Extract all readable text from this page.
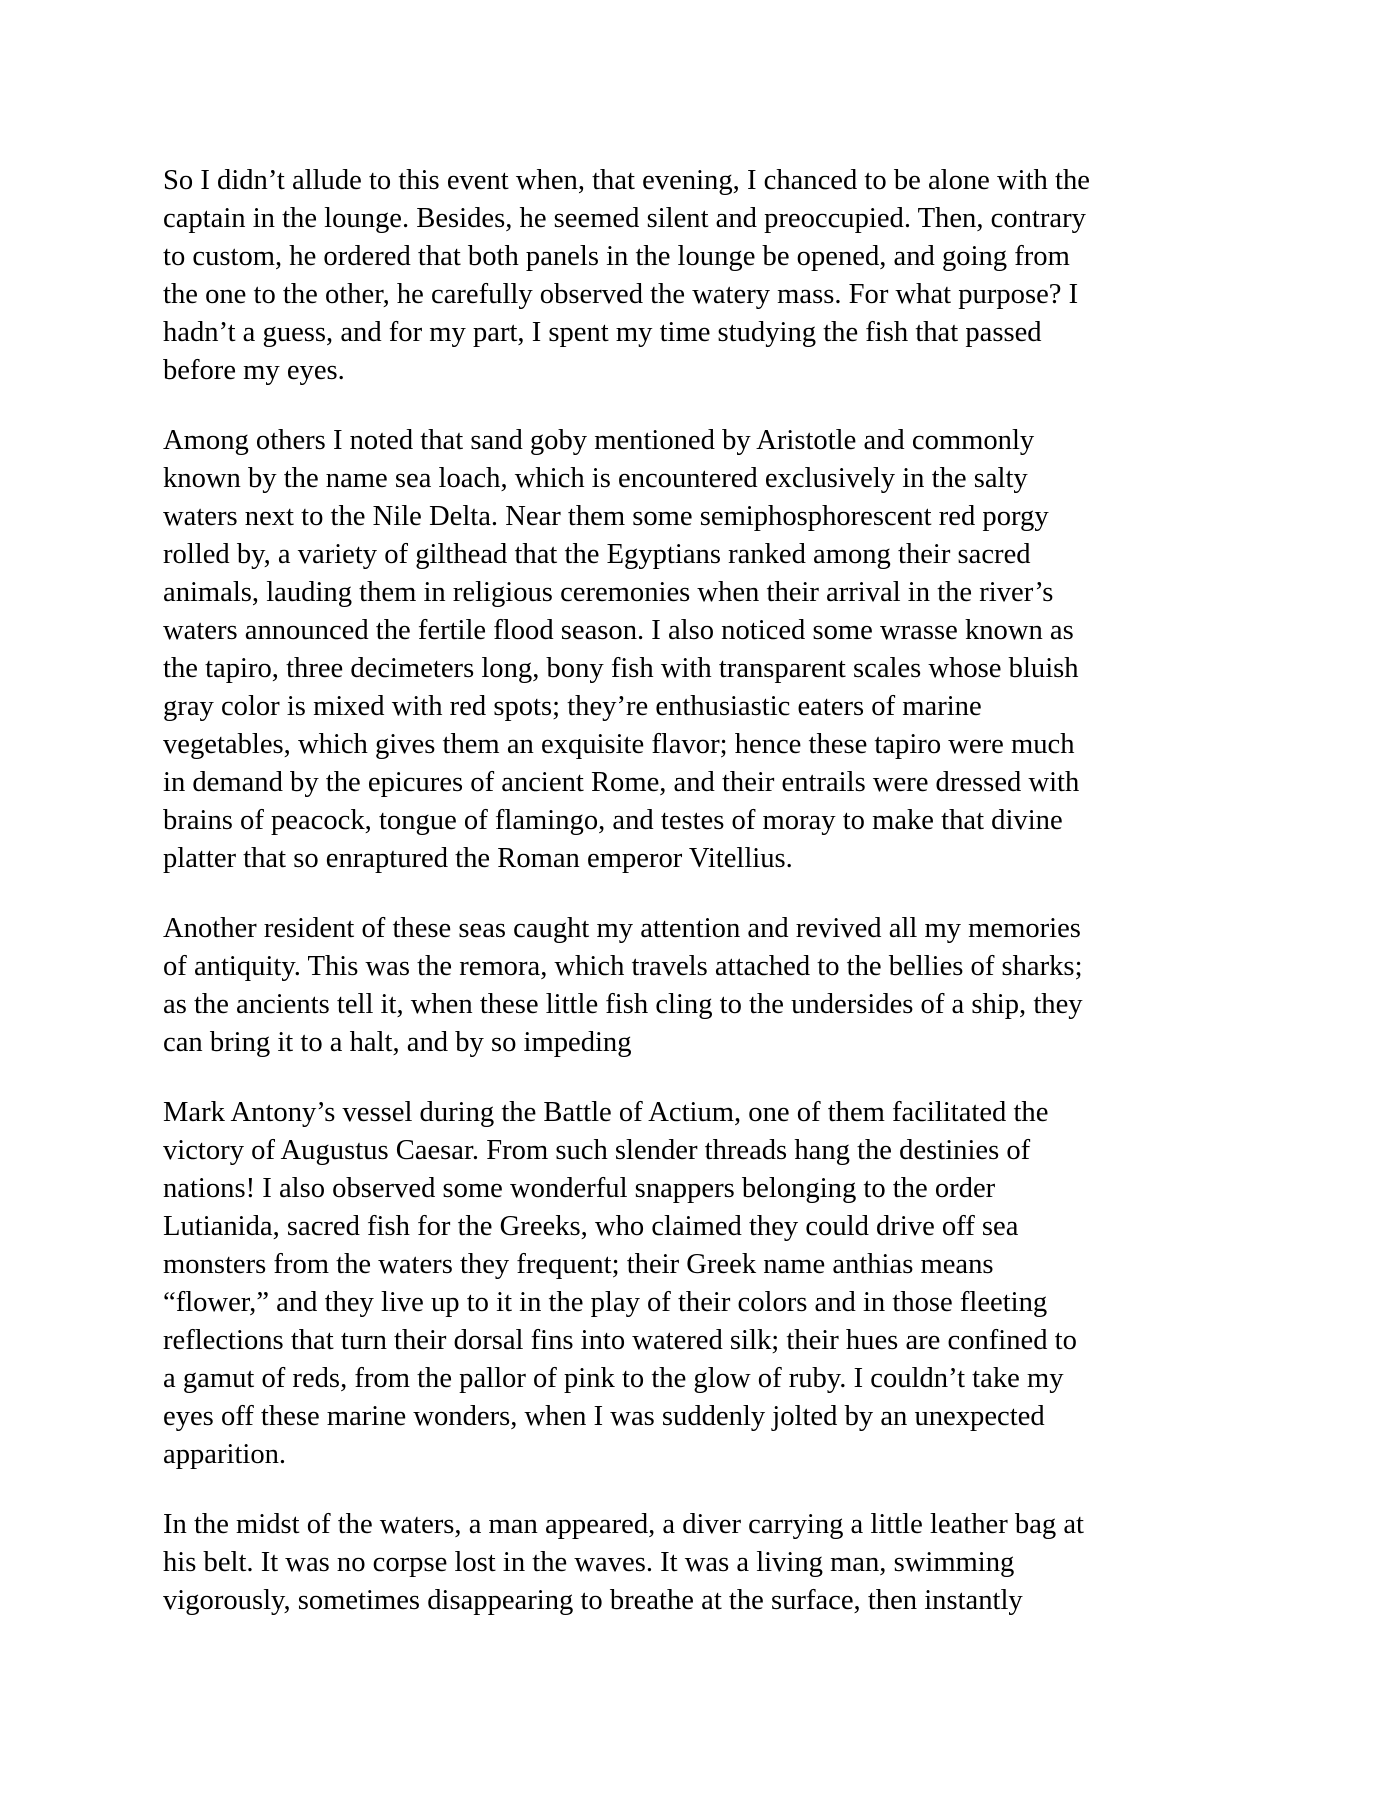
So I didn’t allude to this event when, that evening, I chanced to be alone with the
captain in the lounge. Besides, he seemed silent and preoccupied. Then, contrary
to custom, he ordered that both panels in the lounge be opened, and going from
the one to the other, he carefully observed the watery mass. For what purpose? I
hadn’t a guess, and for my part, I spent my time studying the fish that passed
before my eyes.

Among others I noted that sand goby mentioned by Aristotle and commonly
known by the name sea loach, which is encountered exclusively in the salty
waters next to the Nile Delta. Near them some semiphosphorescent red porgy
rolled by, a variety of gilthead that the Egyptians ranked among their sacred
animals, lauding them in religious ceremonies when their arrival in the river’s
waters announced the fertile flood season. I also noticed some wrasse known as
the tapiro, three decimeters long, bony fish with transparent scales whose bluish
gray color is mixed with red spots; they’re enthusiastic eaters of marine
vegetables, which gives them an exquisite flavor; hence these tapiro were much
in demand by the epicures of ancient Rome, and their entrails were dressed with
brains of peacock, tongue of flamingo, and testes of moray to make that divine
platter that so enraptured the Roman emperor Vitellius.

Another resident of these seas caught my attention and revived all my memories
of antiquity. This was the remora, which travels attached to the bellies of sharks;
as the ancients tell it, when these little fish cling to the undersides of a ship, they
can bring it to a halt, and by so impeding

Mark Antony’s vessel during the Battle of Actium, one of them facilitated the
victory of Augustus Caesar. From such slender threads hang the destinies of
nations! I also observed some wonderful snappers belonging to the order
Lutianida, sacred fish for the Greeks, who claimed they could drive off sea
monsters from the waters they frequent; their Greek name anthias means
“flower,” and they live up to it in the play of their colors and in those fleeting
reflections that turn their dorsal fins into watered silk; their hues are confined to
a gamut of reds, from the pallor of pink to the glow of ruby. I couldn’t take my
eyes off these marine wonders, when I was suddenly jolted by an unexpected
apparition.

In the midst of the waters, a man appeared, a diver carrying a little leather bag at
his belt. It was no corpse lost in the waves. It was a living man, swimming
vigorously, sometimes disappearing to breathe at the surface, then instantly
